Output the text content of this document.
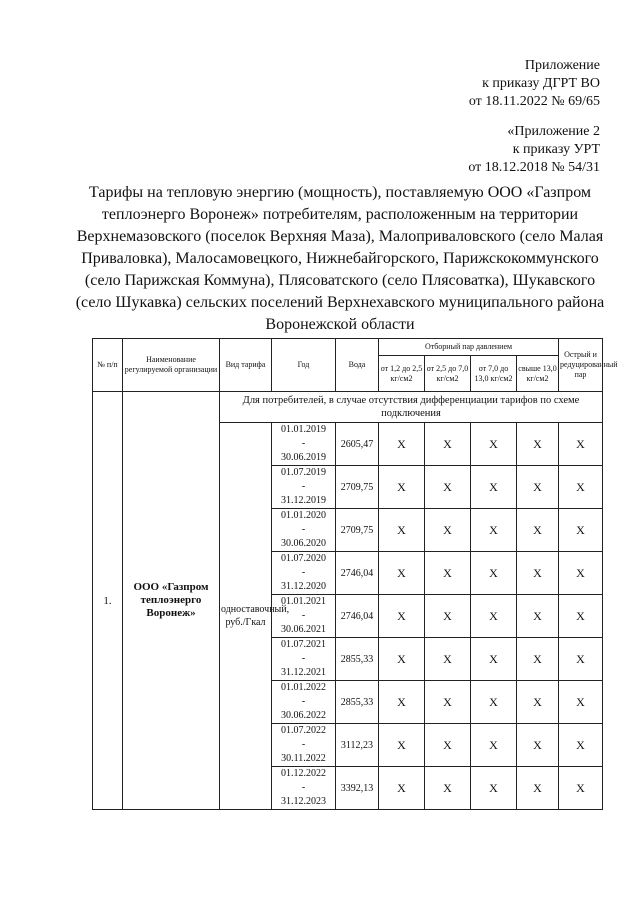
Приложение
к приказу ДГРТ ВО
от 18.11.2022 № 69/65
«Приложение 2
к приказу УРТ
от 18.12.2018 № 54/31
Тарифы на тепловую энергию (мощность), поставляемую ООО «Газпром теплоэнерго Воронеж» потребителям, расположенным на территории Верхнемазовского (поселок Верхняя Маза), Малоприваловского (село Малая Приваловка), Малосамовецкого, Нижнебайгорского, Парижскокоммунского (село Парижская Коммуна), Плясоватского (село Плясоватка), Шукавского (село Шукавка) сельских поселений Верхнехавского муниципального района Воронежской области
№ п/п	Наименование регулируемой организации	Вид тарифа	Год	Вода	Отборный пар давлением				Острый и редуцированный пар
					от 1,2 до 2,5 кг/см2	от 2,5 до 7,0 кг/см2	от 7,0 до 13,0 кг/см2	свыше 13,0 кг/см2	
1.	ООО «Газпром теплоэнерго Воронеж»	Для потребителей, в случае отсутствия дифференциации тарифов по схеме подключения							
		одноставочный, руб./Гкал	01.01.2019
-
30.06.2019	2605,47	X	X	X	X	X

			01.07.2019
-
31.12.2019	2709,75	X	X	X	X	X

			01.01.2020
-
30.06.2020	2709,75	X	X	X	X	X

			01.07.2020
-
31.12.2020	2746,04	X	X	X	X	X

			01.01.2021
-
30.06.2021	2746,04	X	X	X	X	X

			01.07.2021
-
31.12.2021	2855,33	X	X	X	X	X

			01.01.2022
-
30.06.2022	2855,33	X	X	X	X	X

			01.07.2022
-
30.11.2022	3112,23	X	X	X	X	X

			01.12.2022
-
31.12.2023	3392,13	X	X	X	X	X
